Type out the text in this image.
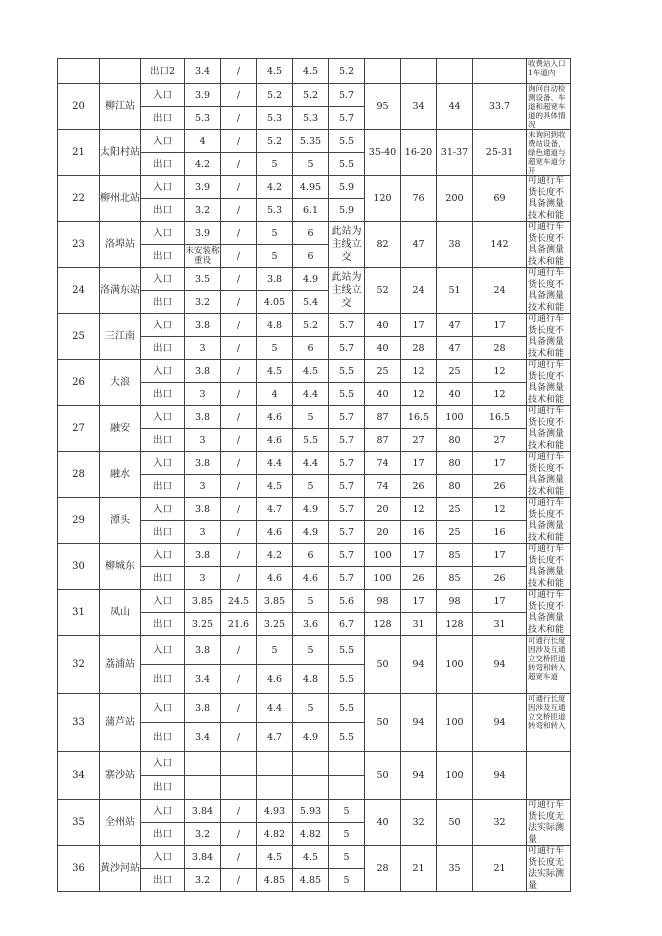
		出口2	3.4	/	4.5	4.5	5.2					收费站入口1车道内

20	柳江站	入口	3.9	/	5.2	5.2	5.7	95	34	44	33.7	询问自动检测设备、车道和超宽车道的具体情况

		出口	5.3	/	5.3	5.3	5.7					
21	太阳村站	入口	4	/	5.2	5.35	5.5	35-40	16-20	31-37	25-31	未询问到收费站设备，绿色通道与超宽车道分开

		出口	4.2	/	5	5	5.5					
22	柳州北站	入口	3.9	/	4.2	4.95	5.9	120	76	200	69	可通行车货长度不具备测量技术和能

		出口	3.2	/	5.3	6.1	5.9					
23	洛埠站	入口	3.9	/	5	6	此站为主线立交	82	47	38	142	可通行车货长度不具备测量技术和能

		出口	未安装称重设	/	5	6						
24	洛满东站	入口	3.5	/	3.8	4.9	此站为主线立交	52	24	51	24	可通行车货长度不具备测量技术和能

		出口	3.2	/	4.05	5.4						
25	三江南	入口	3.8	/	4.8	5.2	5.7	40	17	47	17	可通行车货长度不具备测量技术和能

		出口	3	/	5	6	5.7	40	28	47	28	
26	大浪	入口	3.8	/	4.5	4.5	5.5	25	12	25	12	可通行车货长度不具备测量技术和能

		出口	3	/	4	4.4	5.5	40	12	40	12	
27	融安	入口	3.8	/	4.6	5	5.7	87	16.5	100	16.5	可通行车货长度不具备测量技术和能

		出口	3	/	4.6	5.5	5.7	87	27	80	27	
28	融水	入口	3.8	/	4.4	4.4	5.7	74	17	80	17	可通行车货长度不具备测量技术和能

		出口	3	/	4.5	5	5.7	74	26	80	26	
29	潭头	入口	3.8	/	4.7	4.9	5.7	20	12	25	12	可通行车货长度不具备测量技术和能

		出口	3	/	4.6	4.9	5.7	20	16	25	16	
30	柳城东	入口	3.8	/	4.2	6	5.7	100	17	85	17	可通行车货长度不具备测量技术和能

		出口	3	/	4.6	4.6	5.7	100	26	85	26	
31	凤山	入口	3.85	24.5	3.85	5	5.6	98	17	98	17	可通行车货长度不具备测量技术和能

		出口	3.25	21.6	3.25	3.6	6.7	128	31	128	31	
32	荔浦站	入口	3.8	/	5	5	5.5	50	94	100	94	可通行长度因涉及互通立交桥匝道转弯和转入超宽车道

		出口	3.4	/	4.6	4.8	5.5					
33	蒲芦站	入口	3.8	/	4.4	5	5.5	50	94	100	94	可通行长度因涉及互通立交桥匝道转弯和转入

		出口	3.4	/	4.7	4.9	5.5					
34	寨沙站	入口						50	94	100	94	

		出口										
35	全州站	入口	3.84	/	4.93	5.93	5	40	32	50	32	可通行车货长度无法实际测量

		出口	3.2	/	4.82	4.82	5					
36	黄沙河站	入口	3.84	/	4.5	4.5	5	28	21	35	21	可通行车货长度无法实际测量

		出口	3.2	/	4.85	4.85	5					
